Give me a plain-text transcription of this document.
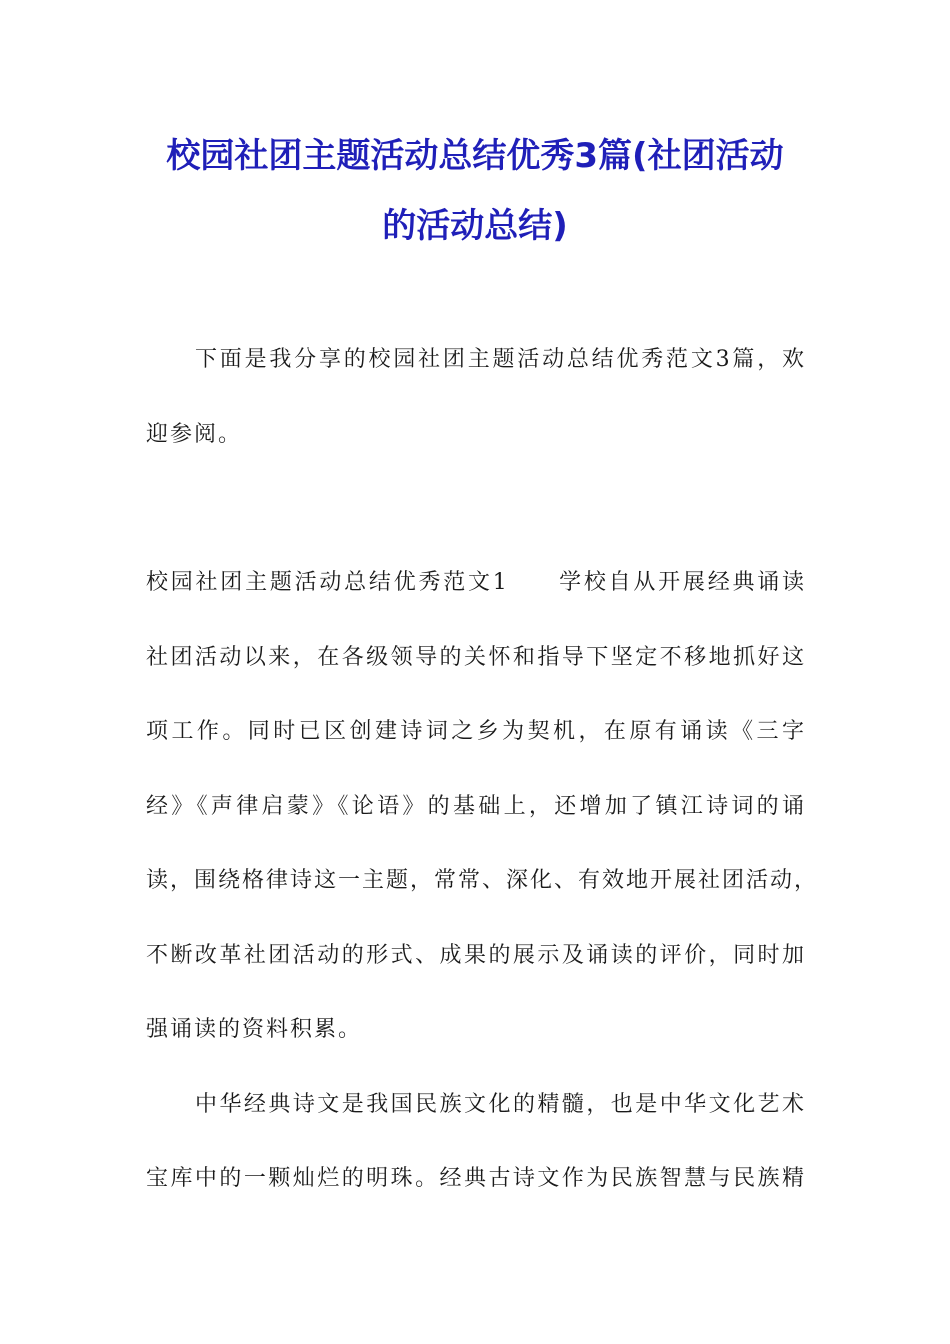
校园社团主题活动总结优秀3篇(社团活动
的活动总结)
下面是我分享的校园社团主题活动总结优秀范文3篇，欢
迎参阅。
校园社团主题活动总结优秀范文1　　学校自从开展经典诵读
社团活动以来，在各级领导的关怀和指导下坚定不移地抓好这
项工作。同时已区创建诗词之乡为契机，在原有诵读《三字
经》《声律启蒙》《论语》的基础上，还增加了镇江诗词的诵
读，围绕格律诗这一主题，常常、深化、有效地开展社团活动，
不断改革社团活动的形式、成果的展示及诵读的评价，同时加
强诵读的资料积累。
中华经典诗文是我国民族文化的精髓，也是中华文化艺术
宝库中的一颗灿烂的明珠。经典古诗文作为民族智慧与民族精
